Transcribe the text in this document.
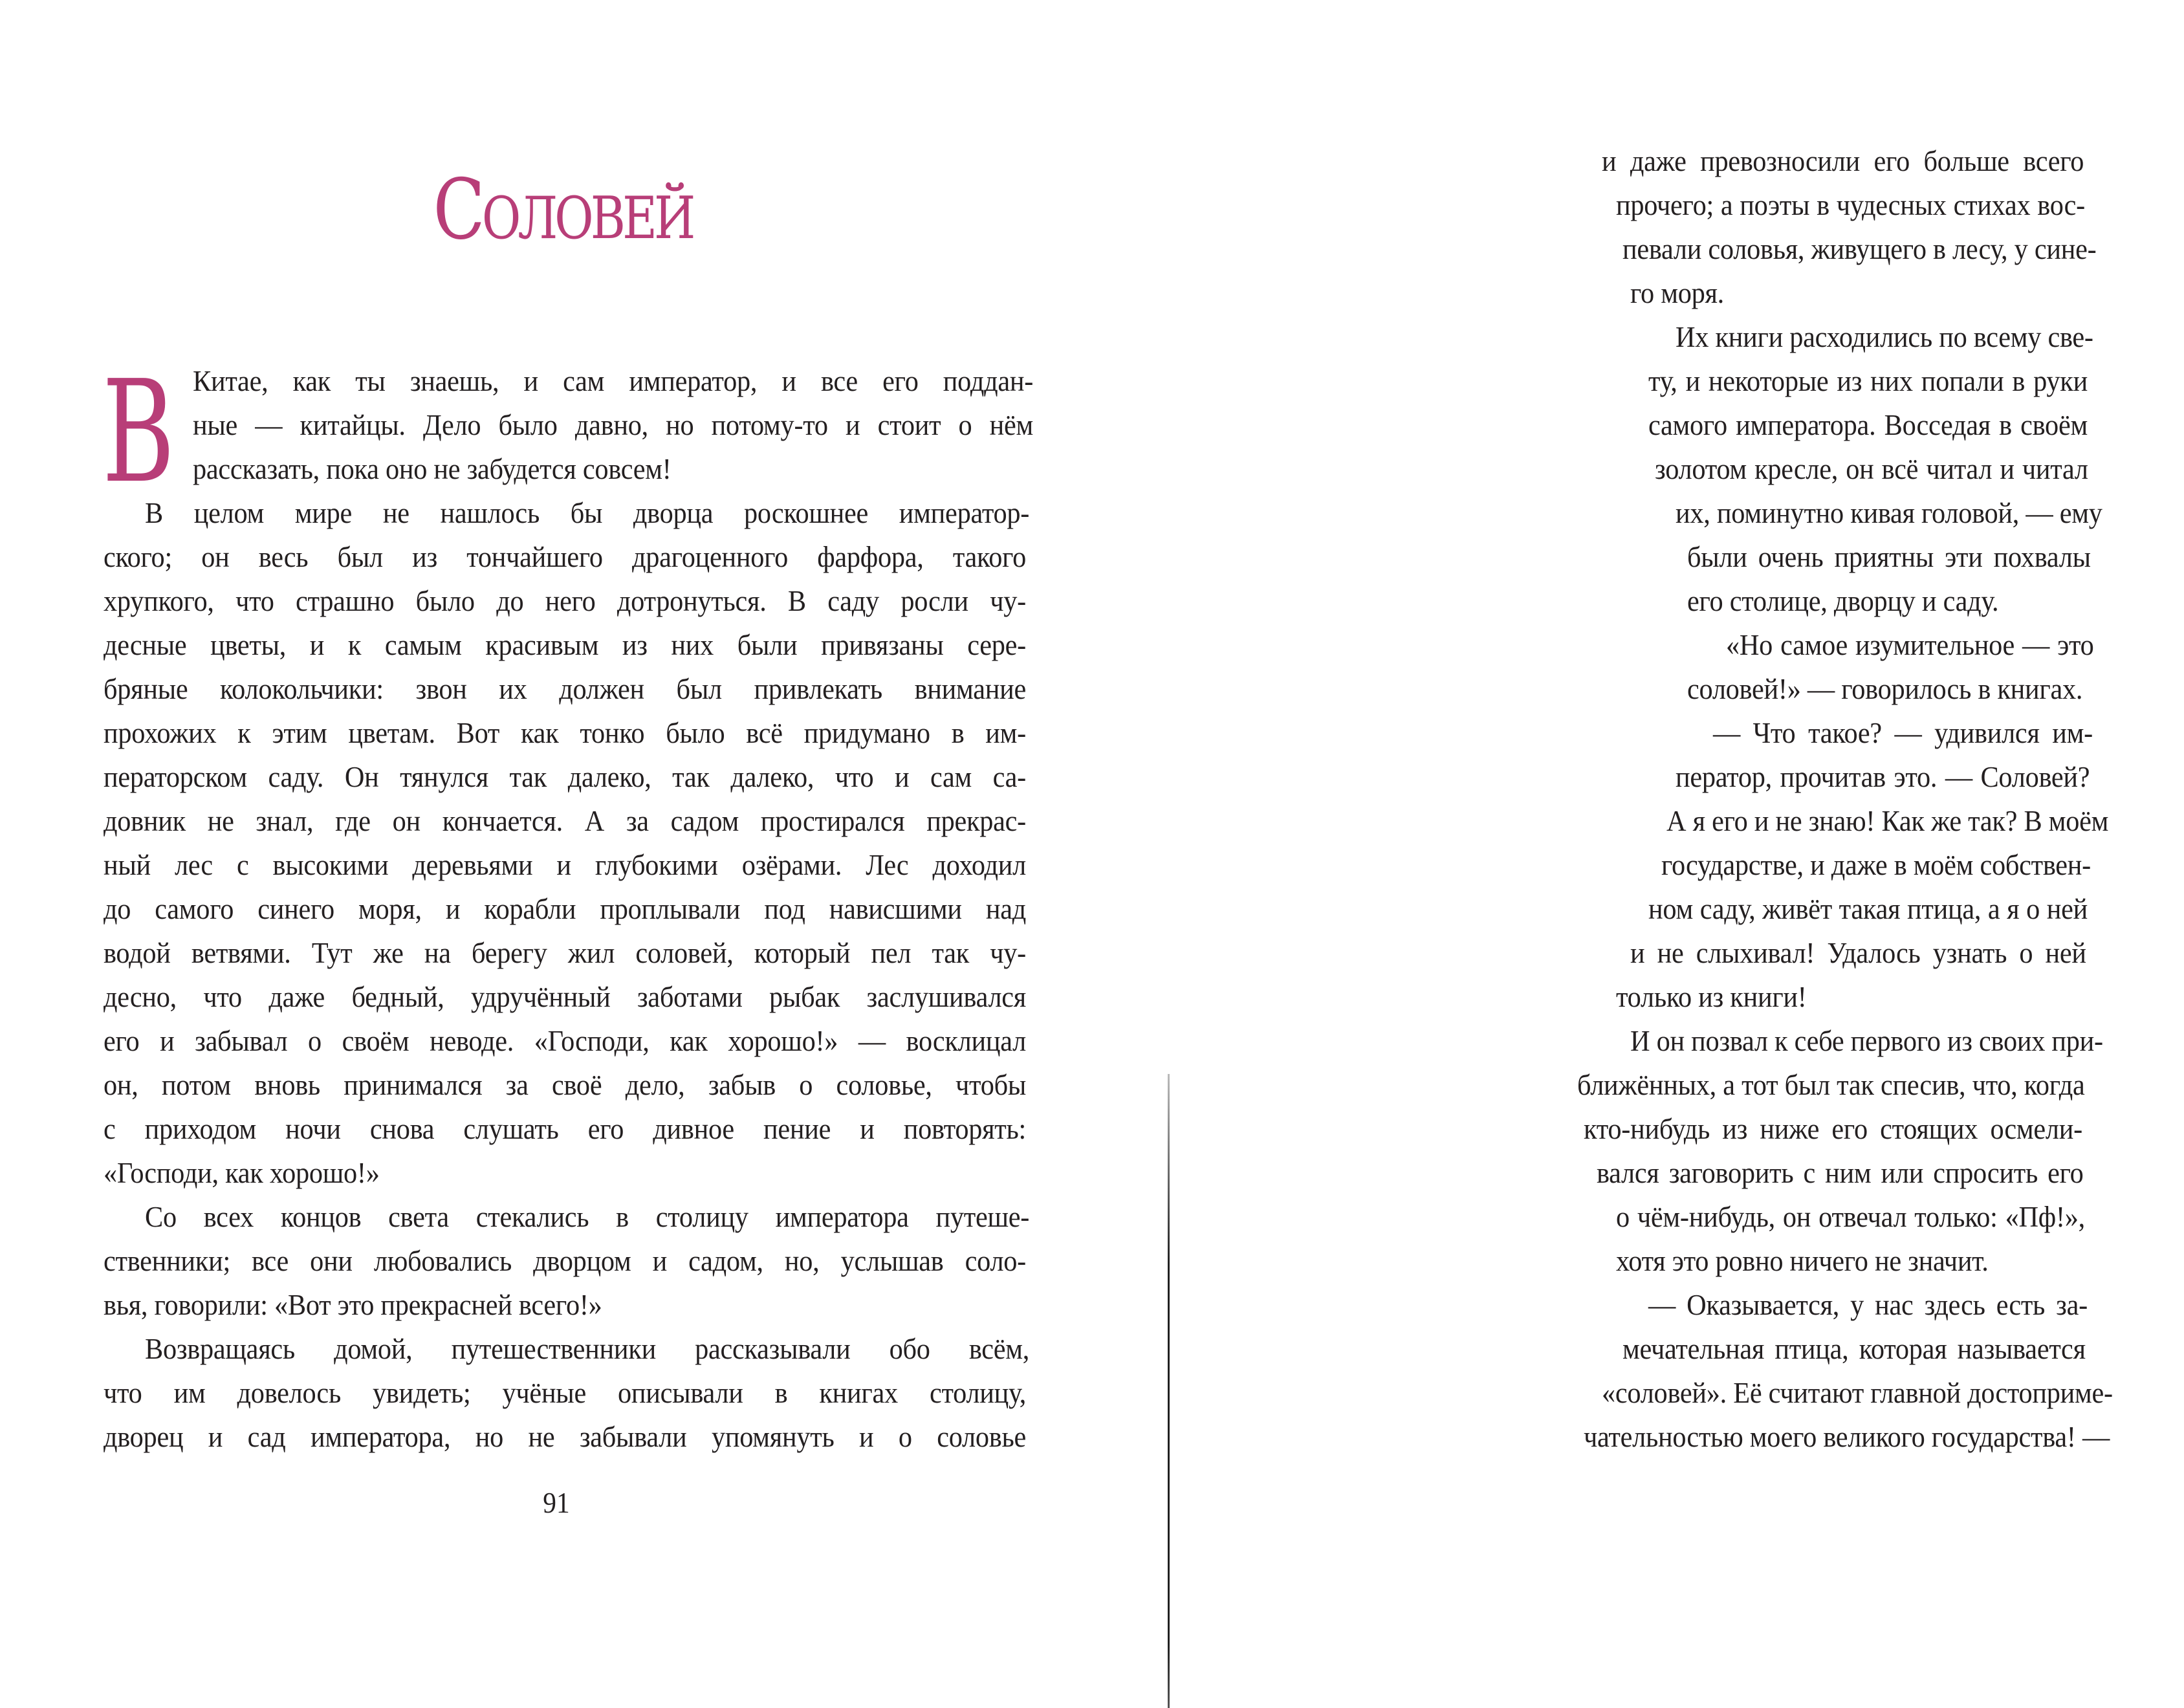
Соловей
В Китае, как ты знаешь, и сам император, и все его поддан-
ные — китайцы. Дело было давно, но потому-то и стоит о нём
рассказать, пока оно не забудется совсем!
В целом мире не нашлось бы дворца роскошнее император-
ского; он весь был из тончайшего драгоценного фарфора, такого
хрупкого, что страшно было до него дотронуться. В саду росли чу-
десные цветы, и к самым красивым из них были привязаны сере-
бряные колокольчики: звон их должен был привлекать внимание
прохожих к этим цветам. Вот как тонко было всё придумано в им-
ператорском саду. Он тянулся так далеко, так далеко, что и сам са-
довник не знал, где он кончается. А за садом простирался прекрас-
ный лес с высокими деревьями и глубокими озёрами. Лес доходил
до самого синего моря, и корабли проплывали под нависшими над
водой ветвями. Тут же на берегу жил соловей, который пел так чу-
десно, что даже бедный, удручённый заботами рыбак заслушивался
его и забывал о своём неводе. «Господи, как хорошо!» — восклицал
он, потом вновь принимался за своё дело, забыв о соловье, чтобы
с приходом ночи снова слушать его дивное пение и повторять:
«Господи, как хорошо!»
Со всех концов света стекались в столицу императора путеше-
ственники; все они любовались дворцом и садом, но, услышав соло-
вья, говорили: «Вот это прекрасней всего!»
Возвращаясь домой, путешественники рассказывали обо всём,
что им довелось увидеть; учёные описывали в книгах столицу,
дворец и сад императора, но не забывали упомянуть и о соловье
91
и даже превозносили его больше всего
прочего; а поэты в чудесных стихах вос-
певали соловья, живущего в лесу, у сине-
го моря.
Их книги расходились по всему све-
ту, и некоторые из них попали в руки
самого императора. Восседая в своём
золотом кресле, он всё читал и читал
их, поминутно кивая головой, — ему
были очень приятны эти похвалы
его столице, дворцу и саду.
«Но самое изумительное — это
соловей!» — говорилось в книгах.
— Что такое? — удивился им-
ператор, прочитав это. — Соловей?
А я его и не знаю! Как же так? В моём
государстве, и даже в моём собствен-
ном саду, живёт такая птица, а я о ней
и не слыхивал! Удалось узнать о ней
только из книги!
И он позвал к себе первого из своих при-
ближённых, а тот был так спесив, что, когда
кто-нибудь из ниже его стоящих осмели-
вался заговорить с ним или спросить его
о чём-нибудь, он отвечал только: «Пф!»,
хотя это ровно ничего не значит.
— Оказывается, у нас здесь есть за-
мечательная птица, которая называется
«соловей». Её считают главной достоприме-
чательностью моего великого государства! —
